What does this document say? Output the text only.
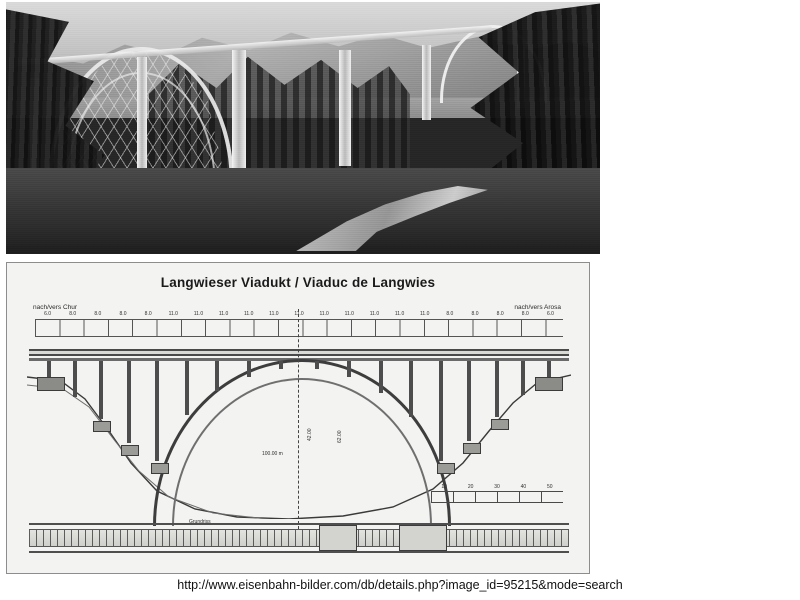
Langwieser Viadukt / Viaduc de Langwies
nach/vers Chur	nach/vers Arosa
6.0	8.0	8.0	8.0	8.0	11.0	11.0	11.0	11.0	11.0	11.0	11.0	11.0	11.0	11.0	11.0	8.0	8.0	8.0	8.0	6.0
100.00 m
42.00	62.00
10	20	30	40	50
Grundriss
http://www.eisenbahn-bilder.com/db/details.php?image_id=95215&mode=search
